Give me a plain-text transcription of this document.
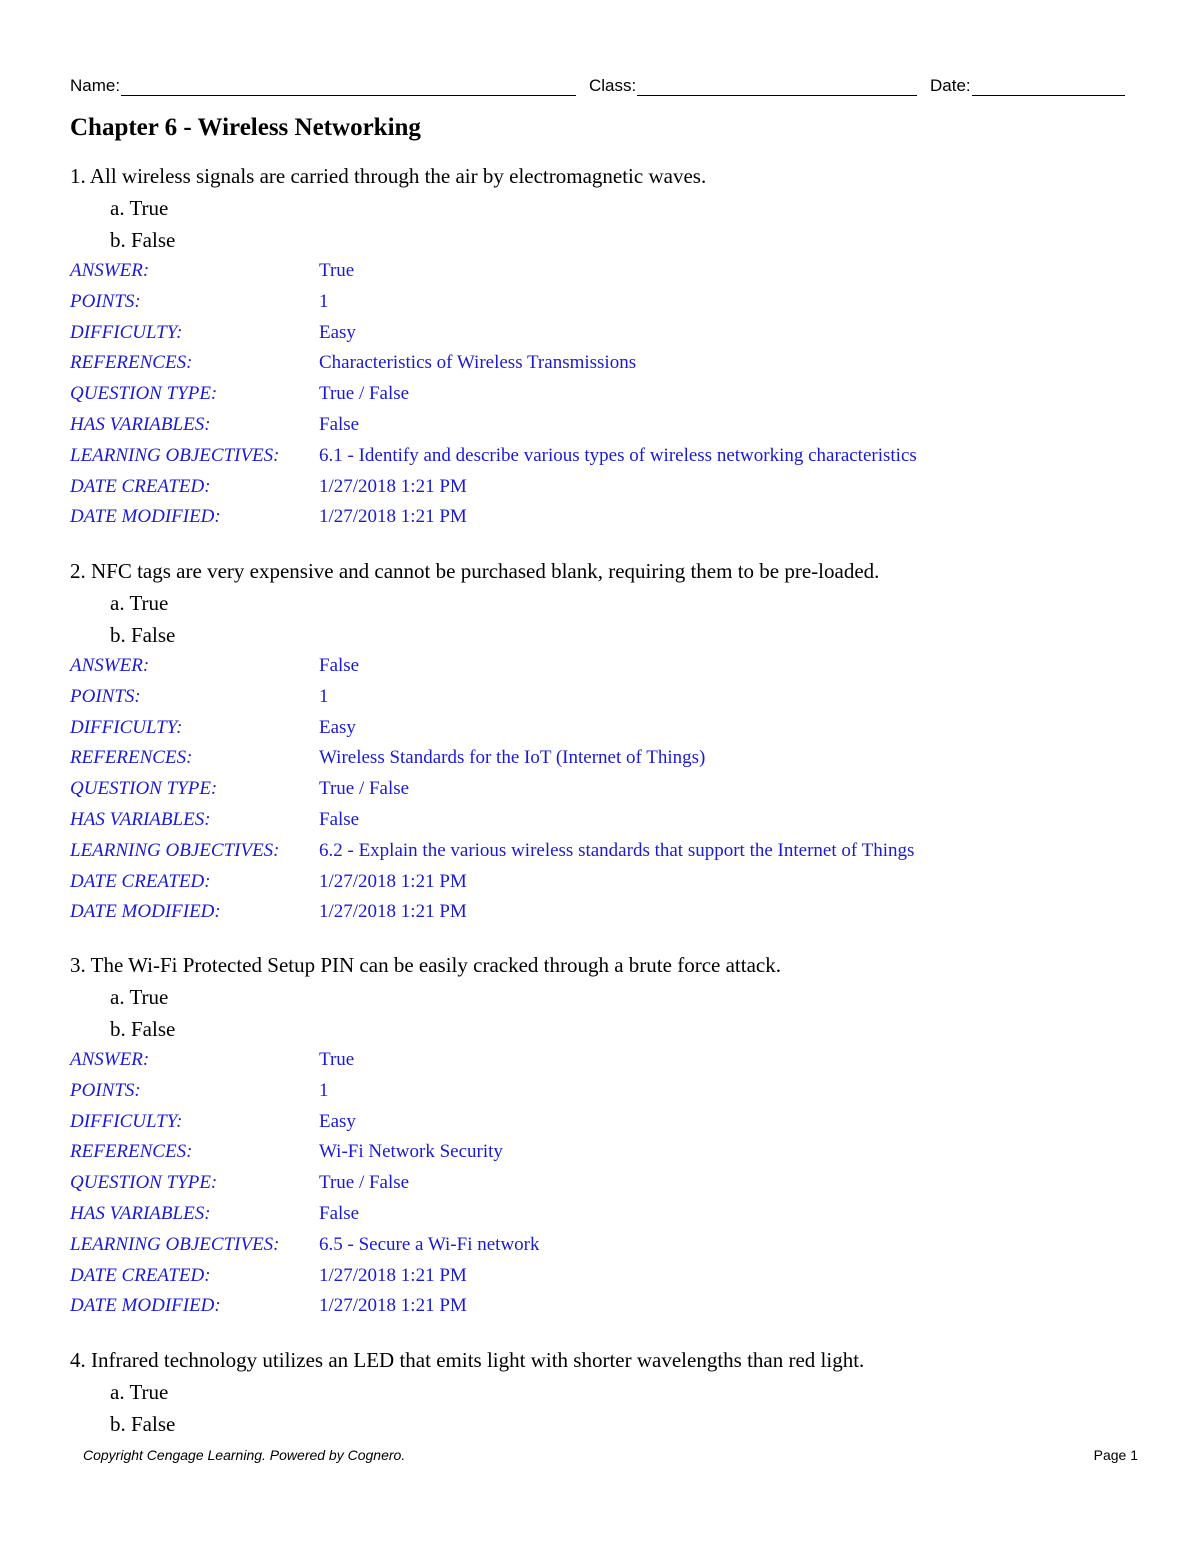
Name:	Class:	Date:
Chapter 6 - Wireless Networking
1. All wireless signals are carried through the air by electromagnetic waves.
a. True
b. False
ANSWER:	True
POINTS:	1
DIFFICULTY:	Easy
REFERENCES:	Characteristics of Wireless Transmissions
QUESTION TYPE:	True / False
HAS VARIABLES:	False
LEARNING OBJECTIVES: 6.1 - Identify and describe various types of wireless networking characteristics
DATE CREATED:	1/27/2018 1:21 PM
DATE MODIFIED:	1/27/2018 1:21 PM
2. NFC tags are very expensive and cannot be purchased blank, requiring them to be pre-loaded.
a. True
b. False
ANSWER:	False
POINTS:	1
DIFFICULTY:	Easy
REFERENCES:	Wireless Standards for the IoT (Internet of Things)
QUESTION TYPE:	True / False
HAS VARIABLES:	False
LEARNING OBJECTIVES: 6.2 - Explain the various wireless standards that support the Internet of Things
DATE CREATED:	1/27/2018 1:21 PM
DATE MODIFIED:	1/27/2018 1:21 PM
3. The Wi-Fi Protected Setup PIN can be easily cracked through a brute force attack.
a. True
b. False
ANSWER:	True
POINTS:	1
DIFFICULTY:	Easy
REFERENCES:	Wi-Fi Network Security
QUESTION TYPE:	True / False
HAS VARIABLES:	False
LEARNING OBJECTIVES: 6.5 - Secure a Wi-Fi network
DATE CREATED:	1/27/2018 1:21 PM
DATE MODIFIED:	1/27/2018 1:21 PM
4. Infrared technology utilizes an LED that emits light with shorter wavelengths than red light.
a. True
b. False
Copyright Cengage Learning. Powered by Cognero.	Page 1
